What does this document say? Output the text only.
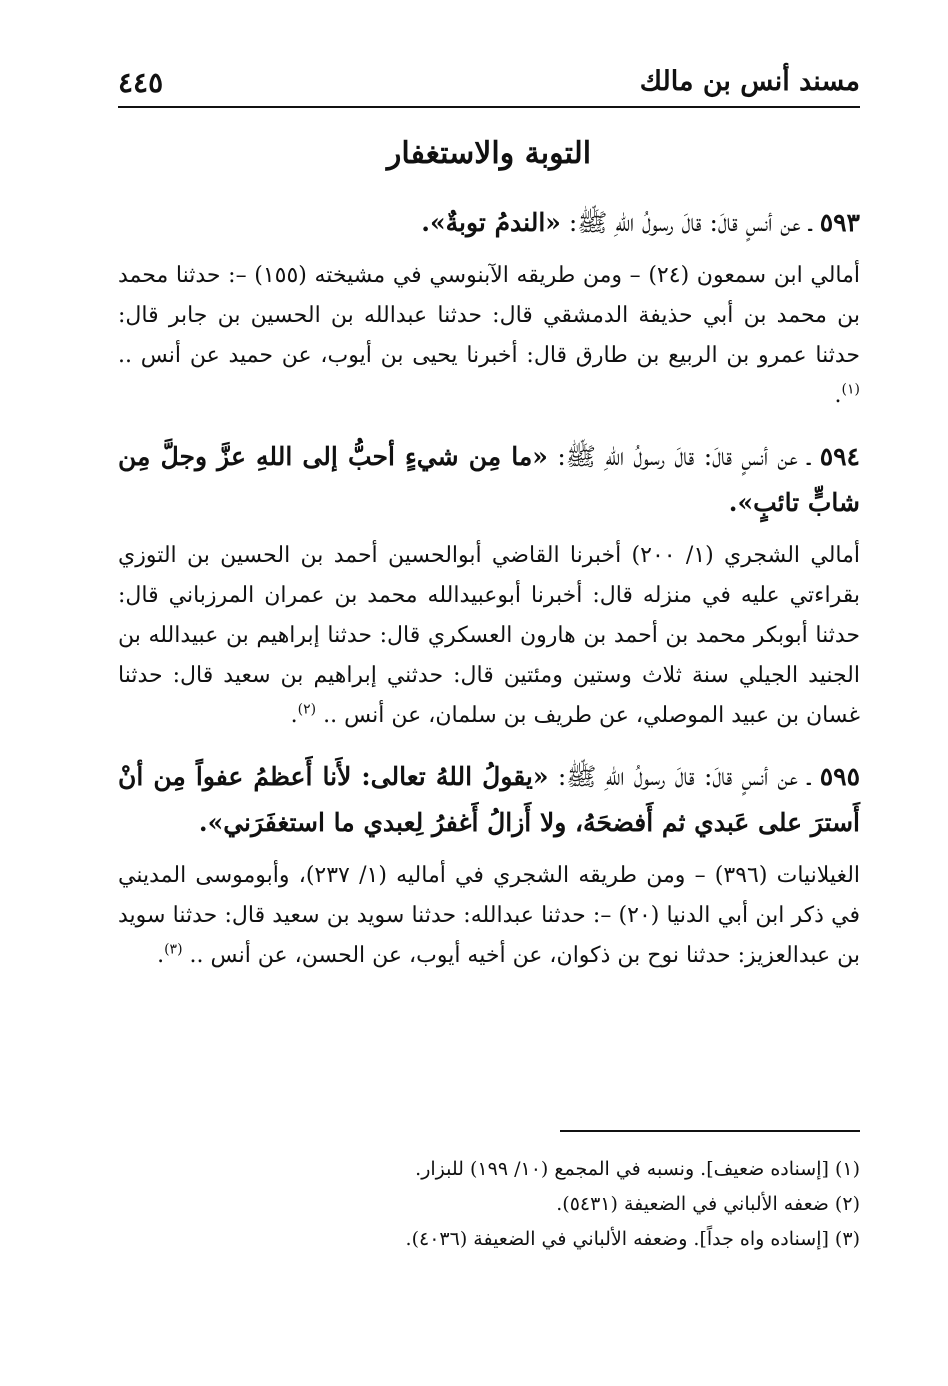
مسند أنس بن مالك
٤٤٥
التوبة والاستغفار

٥٩٣ ـ عن أنسٍ قالَ: قالَ رسولُ اللهِ ﷺ: «الندمُ توبةٌ».

أمالي ابن سمعون (٢٤) – ومن طريقه الآبنوسي في مشيخته (١٥٥) –: حدثنا محمد بن محمد بن أبي حذيفة الدمشقي قال: حدثنا عبدالله بن الحسين بن جابر قال: حدثنا عمرو بن الربيع بن طارق قال: أخبرنا يحيى بن أيوب، عن حميد عن أنس .. $^{(١)}$.

٥٩٤ ـ عن أنسٍ قالَ: قالَ رسولُ اللهِ ﷺ: «ما مِن شيءٍ أحبُّ إلى اللهِ عزَّ وجلَّ مِن شابٍّ تائبٍ».

أمالي الشجري (١/ ٢٠٠) أخبرنا القاضي أبوالحسين أحمد بن الحسين بن التوزي بقراءتي عليه في منزله قال: أخبرنا أبوعبيدالله محمد بن عمران المرزباني قال: حدثنا أبوبكر محمد بن أحمد بن هارون العسكري قال: حدثنا إبراهيم بن عبيدالله بن الجنيد الجيلي سنة ثلاث وستين ومئتين قال: حدثني إبراهيم بن سعيد قال: حدثنا غسان بن عبيد الموصلي، عن طريف بن سلمان، عن أنس .. $^{(٢)}$.

٥٩٥ ـ عن أنسٍ قالَ: قالَ رسولُ اللهِ ﷺ: «يقولُ اللهُ تعالى: لأَنا أَعظمُ عفواً مِن أنْ أَسترَ على عَبدي ثم أَفضحَهُ، ولا أَزالُ أَغفرُ لِعبدي ما استغفَرَني».

الغيلانيات (٣٩٦) – ومن طريقه الشجري في أماليه (١/ ٢٣٧)، وأبوموسى المديني في ذكر ابن أبي الدنيا (٢٠) –: حدثنا عبدالله: حدثنا سويد بن سعيد قال: حدثنا سويد بن عبدالعزيز: حدثنا نوح بن ذكوان، عن أخيه أيوب، عن الحسن، عن أنس .. $^{(٣)}$.

(١) [إسناده ضعيف]. ونسبه في المجمع (١٠/ ١٩٩) للبزار.

(٢) ضعفه الألباني في الضعيفة (٥٤٣١).

(٣) [إسناده واه جداً]. وضعفه الألباني في الضعيفة (٤٠٣٦).
